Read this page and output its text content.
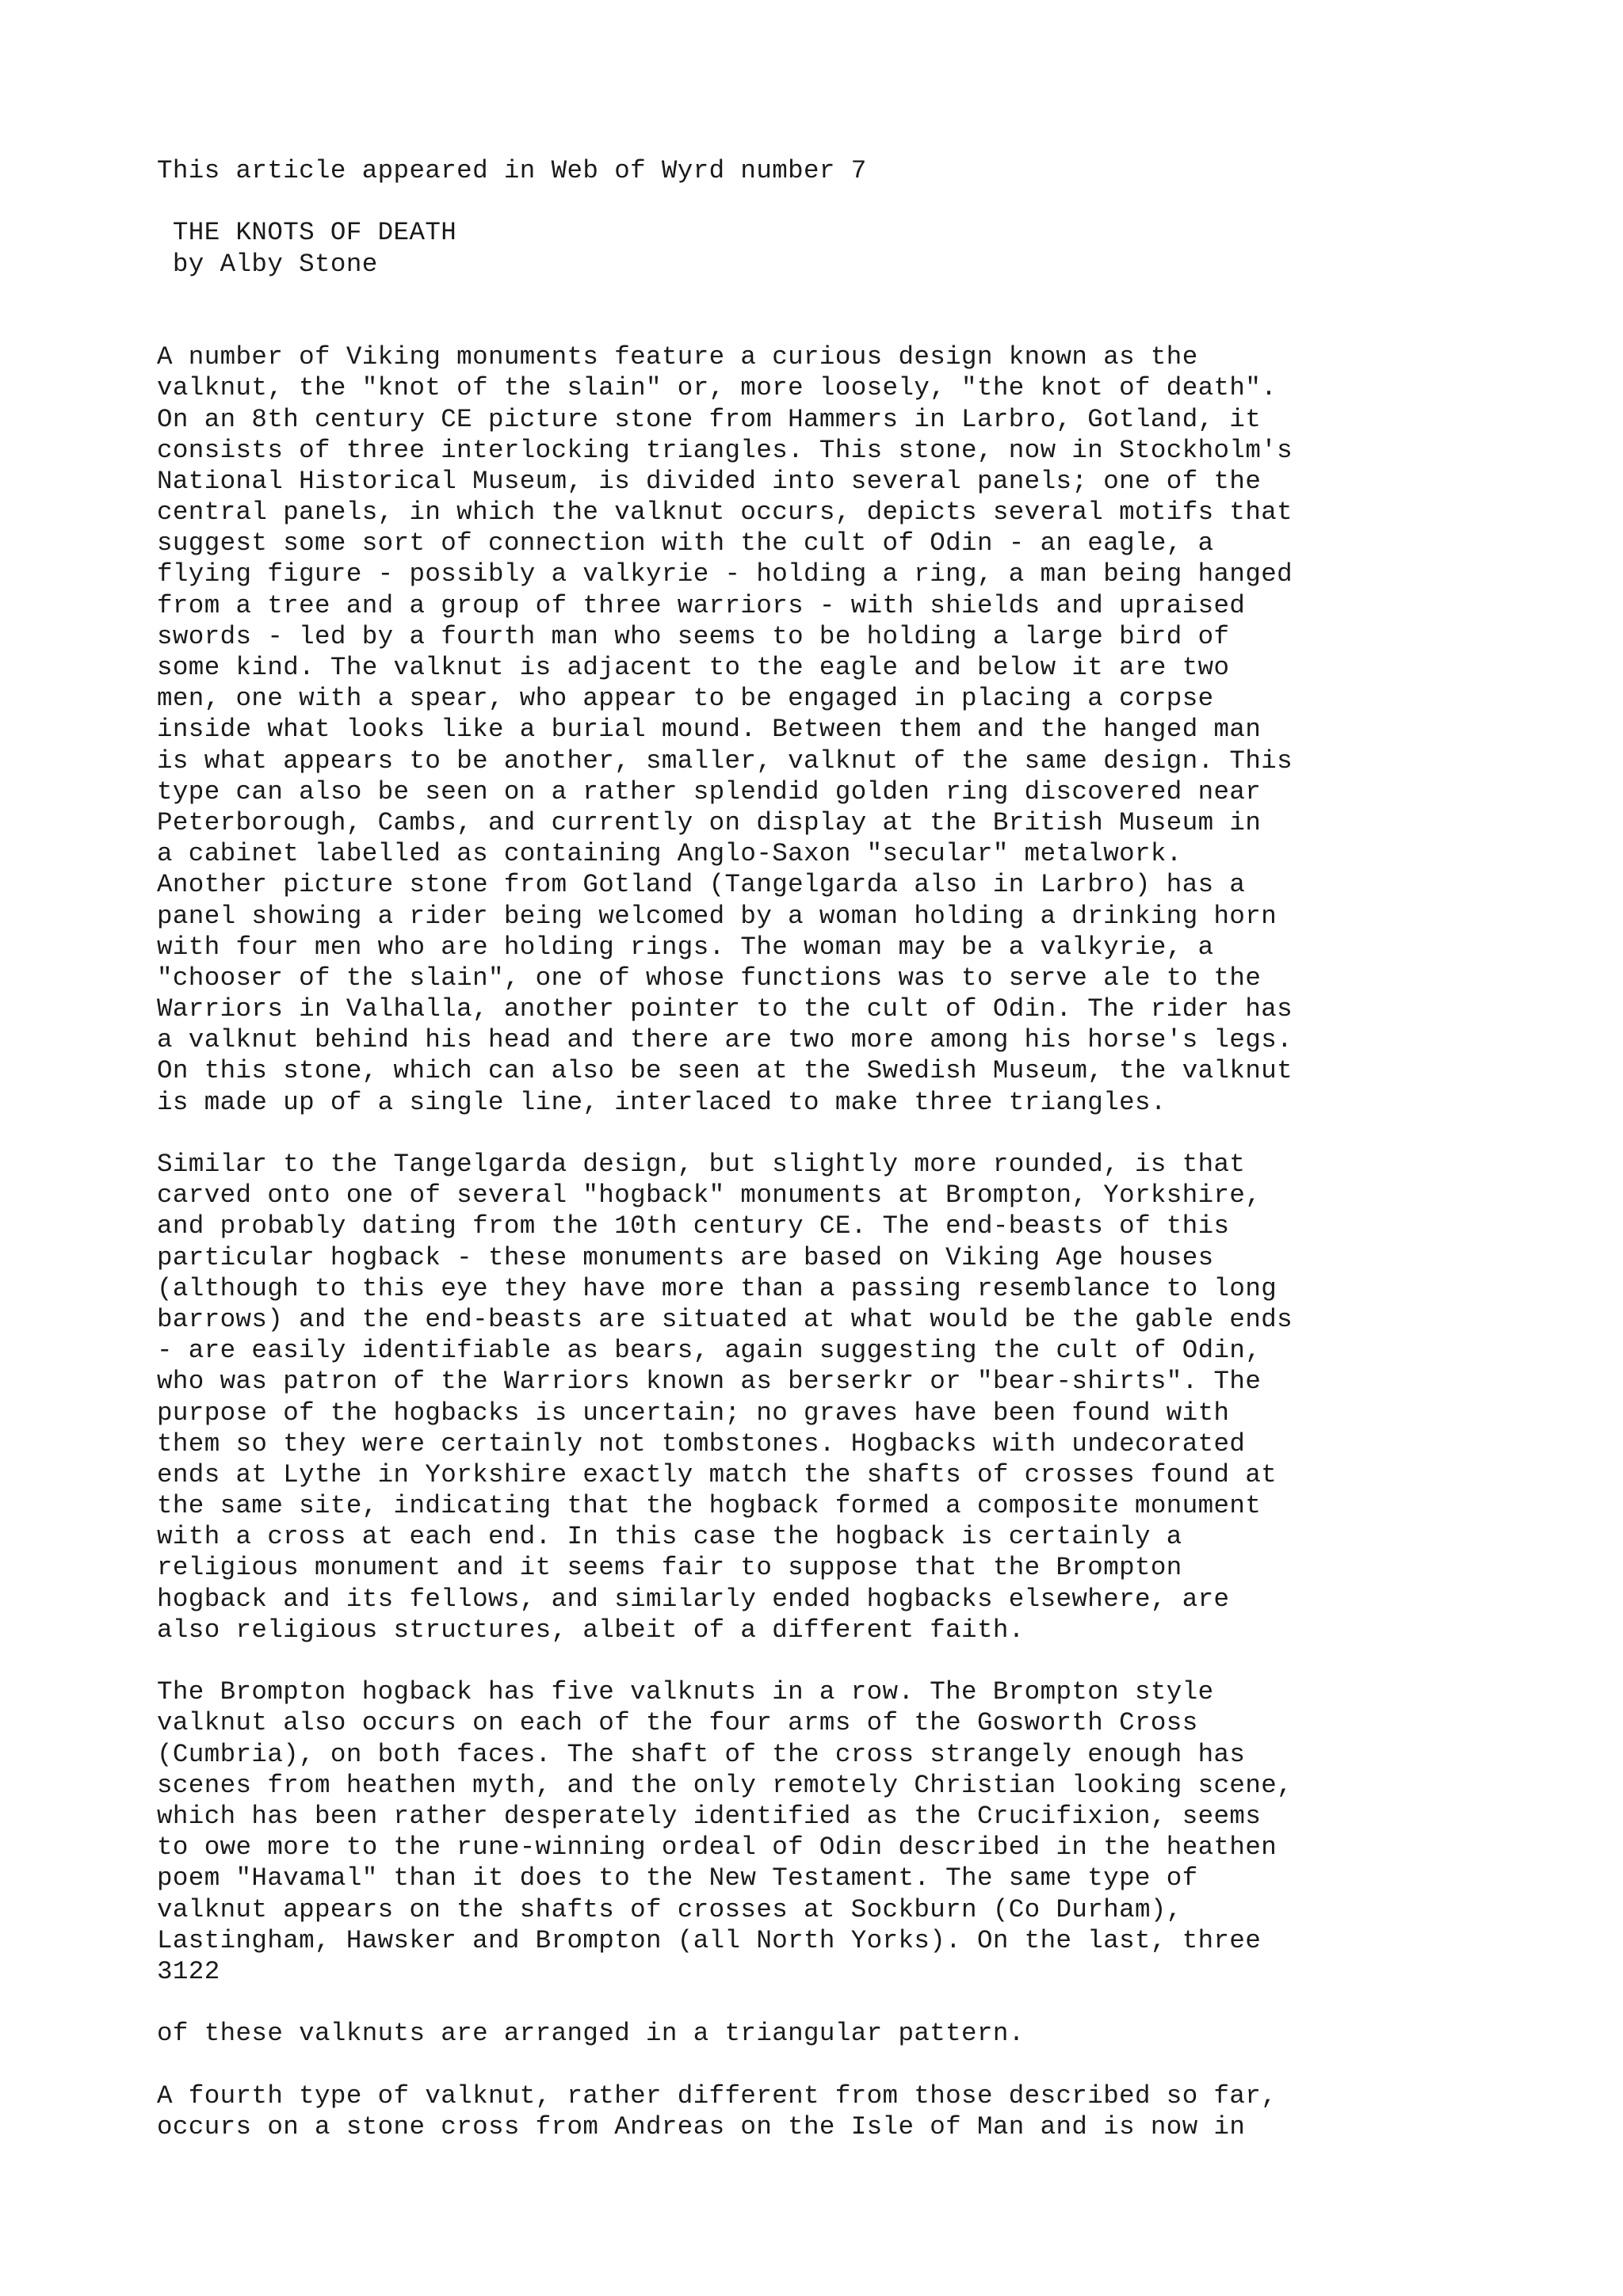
This article appeared in Web of Wyrd number 7
THE KNOTS OF DEATH
by Alby Stone
A number of Viking monuments feature a curious design known as the
valknut, the "knot of the slain" or, more loosely, "the knot of death".
On an 8th century CE picture stone from Hammers in Larbro, Gotland, it
consists of three interlocking triangles. This stone, now in Stockholm's
National Historical Museum, is divided into several panels; one of the
central panels, in which the valknut occurs, depicts several motifs that
suggest some sort of connection with the cult of Odin - an eagle, a
flying figure - possibly a valkyrie - holding a ring, a man being hanged
from a tree and a group of three warriors - with shields and upraised
swords - led by a fourth man who seems to be holding a large bird of
some kind. The valknut is adjacent to the eagle and below it are two
men, one with a spear, who appear to be engaged in placing a corpse
inside what looks like a burial mound. Between them and the hanged man
is what appears to be another, smaller, valknut of the same design. This
type can also be seen on a rather splendid golden ring discovered near
Peterborough, Cambs, and currently on display at the British Museum in
a cabinet labelled as containing Anglo-Saxon "secular" metalwork.
Another picture stone from Gotland (Tangelgarda also in Larbro) has a
panel showing a rider being welcomed by a woman holding a drinking horn
with four men who are holding rings. The woman may be a valkyrie, a
"chooser of the slain", one of whose functions was to serve ale to the
Warriors in Valhalla, another pointer to the cult of Odin. The rider has
a valknut behind his head and there are two more among his horse's legs.
On this stone, which can also be seen at the Swedish Museum, the valknut
is made up of a single line, interlaced to make three triangles.
Similar to the Tangelgarda design, but slightly more rounded, is that
carved onto one of several "hogback" monuments at Brompton, Yorkshire,
and probably dating from the 10th century CE. The end-beasts of this
particular hogback - these monuments are based on Viking Age houses
(although to this eye they have more than a passing resemblance to long
barrows) and the end-beasts are situated at what would be the gable ends
- are easily identifiable as bears, again suggesting the cult of Odin,
who was patron of the Warriors known as berserkr or "bear-shirts". The
purpose of the hogbacks is uncertain; no graves have been found with
them so they were certainly not tombstones. Hogbacks with undecorated
ends at Lythe in Yorkshire exactly match the shafts of crosses found at
the same site, indicating that the hogback formed a composite monument
with a cross at each end. In this case the hogback is certainly a
religious monument and it seems fair to suppose that the Brompton
hogback and its fellows, and similarly ended hogbacks elsewhere, are
also religious structures, albeit of a different faith.
The Brompton hogback has five valknuts in a row. The Brompton style
valknut also occurs on each of the four arms of the Gosworth Cross
(Cumbria), on both faces. The shaft of the cross strangely enough has
scenes from heathen myth, and the only remotely Christian looking scene,
which has been rather desperately identified as the Crucifixion, seems
to owe more to the rune-winning ordeal of Odin described in the heathen
poem "Havamal" than it does to the New Testament. The same type of
valknut appears on the shafts of crosses at Sockburn (Co Durham),
Lastingham, Hawsker and Brompton (all North Yorks). On the last, three
3122
of these valknuts are arranged in a triangular pattern.
A fourth type of valknut, rather different from those described so far,
occurs on a stone cross from Andreas on the Isle of Man and is now in
